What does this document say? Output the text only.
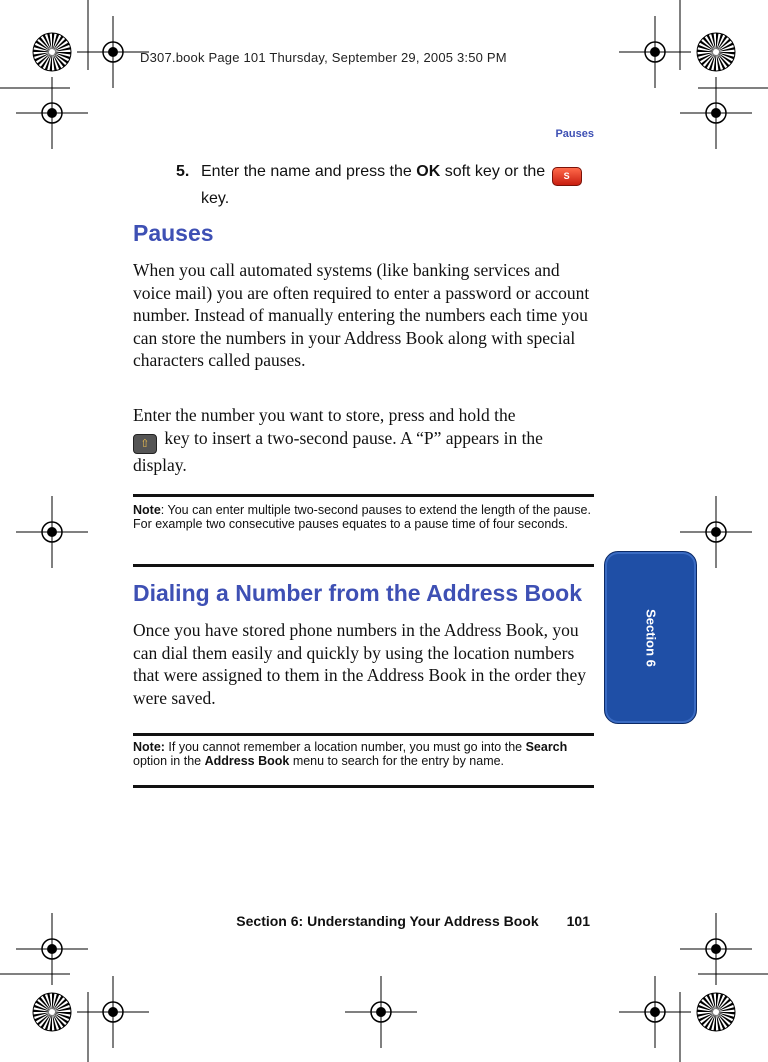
D307.book Page 101 Thursday, September 29, 2005 3:50 PM
Pauses
5. Enter the name and press the OK soft key or the S
key.
Pauses
When you call automated systems (like banking services and voice mail) you are often required to enter a password or account number. Instead of manually entering the numbers each time you can store the numbers in your Address Book along with special characters called pauses.
Enter the number you want to store, press and hold the
⇧ key to insert a two-second pause. A “P” appears in the display.
Note: You can enter multiple two-second pauses to extend the length of the pause. For example two consecutive pauses equates to a pause time of four seconds.
Dialing a Number from the Address Book
Once you have stored phone numbers in the Address Book, you can dial them easily and quickly by using the location numbers that were assigned to them in the Address Book in the order they were saved.
Note: If you cannot remember a location number, you must go into the Search option in the Address Book menu to search for the entry by name.
Section 6
Section 6: Understanding Your Address Book 101
